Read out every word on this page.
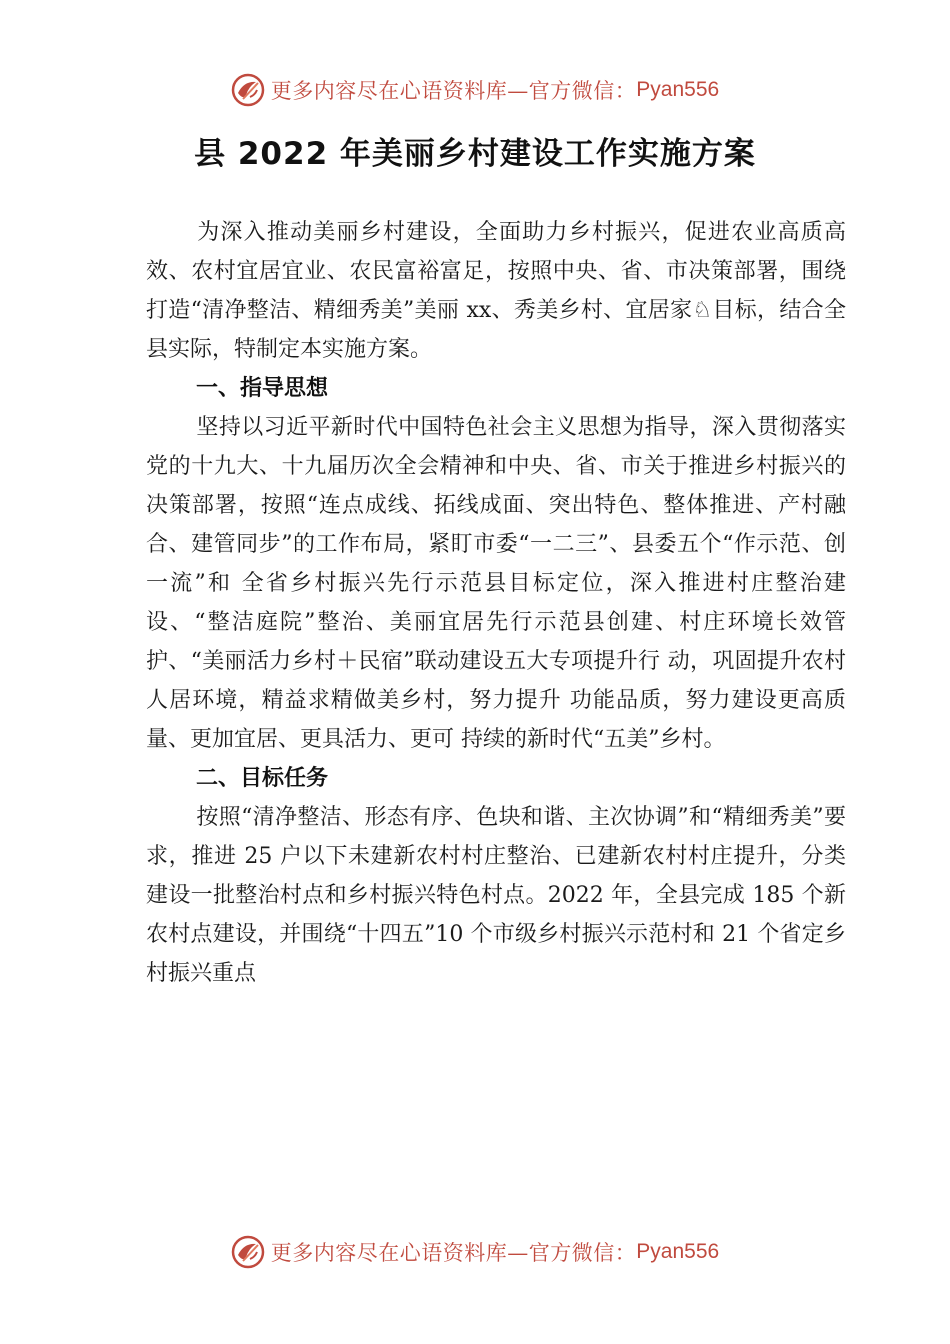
更多内容尽在心语资料库—官方微信： Pyan556
县 2022 年美丽乡村建设工作实施方案

为深入推动美丽乡村建设，全面助力乡村振兴，促进农业高质高效、农村宜居宜业、农民富裕富足，按照中央、省、市决策部署，围绕打造“清净整洁、精细秀美”美丽 xx、秀美乡村、宜居家♘目标，结合全县实际，特制定本实施方案。

一、指导思想

坚持以习近平新时代中国特色社会主义思想为指导，深入贯彻落实党的十九大、十九届历次全会精神和中央、省、市关于推进乡村振兴的决策部署，按照“连点成线、拓线成面、突出特色、整体推进、产村融合、建管同步”的工作布局，紧盯市委“一二三”、县委五个“作示范、创一流”和 全省乡村振兴先行示范县目标定位，深入推进村庄整治建设、“整洁庭院”整治、美丽宜居先行示范县创建、村庄环境长效管护、“美丽活力乡村＋民宿”联动建设五大专项提升行 动，巩固提升农村人居环境，精益求精做美乡村，努力提升 功能品质，努力建设更高质量、更加宜居、更具活力、更可 持续的新时代“五美”乡村。

二、目标任务

按照“清净整洁、形态有序、色块和谐、主次协调”和“精细秀美”要求，推进 25 户以下未建新农村村庄整治、已建新农村村庄提升，分类建设一批整治村点和乡村振兴特色村点。2022 年，全县完成 185 个新农村点建设，并围绕“十四五”10 个市级乡村振兴示范村和 21 个省定乡村振兴重点

更多内容尽在心语资料库—官方微信： Pyan556
